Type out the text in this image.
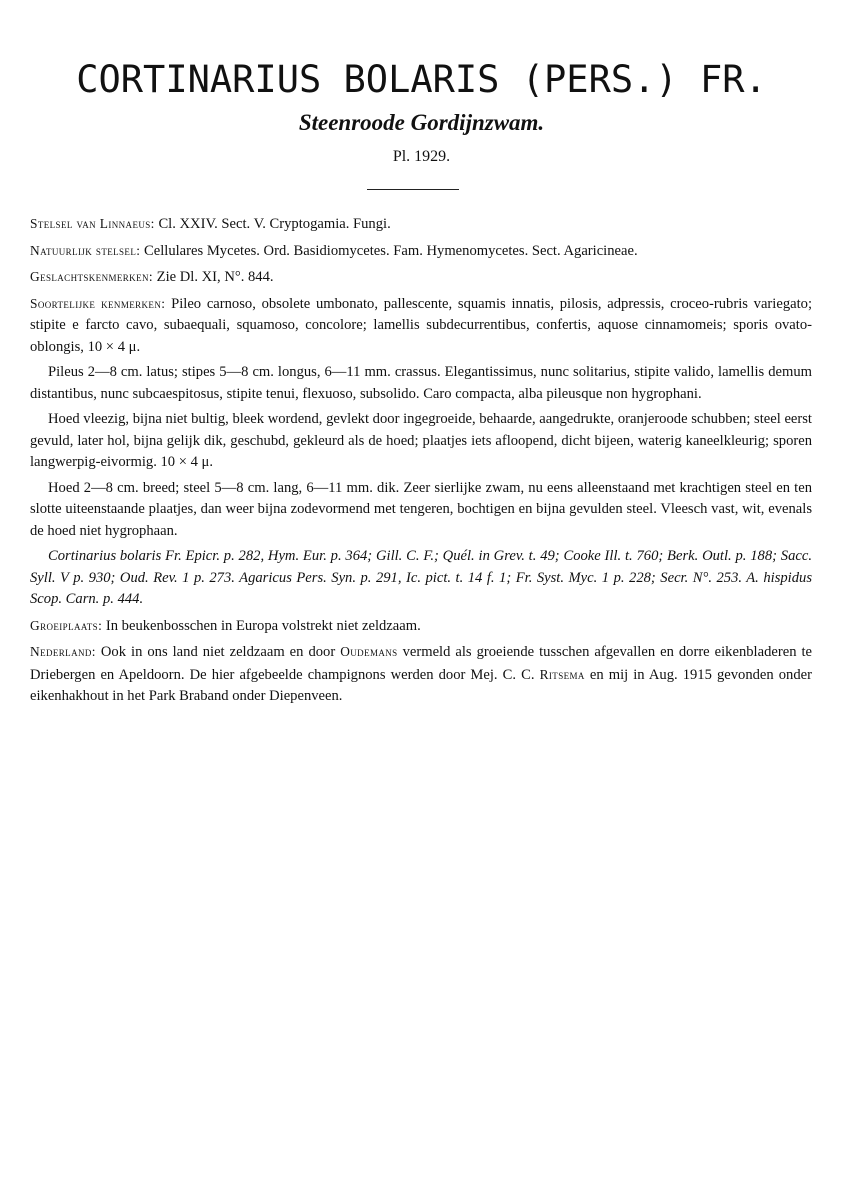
CORTINARIUS BOLARIS (PERS.) FR.
Steenroode Gordijnzwam.
Pl. 1929.

Stelsel van Linnaeus: Cl. XXIV. Sect. V. Cryptogamia. Fungi.

Natuurlijk stelsel: Cellulares Mycetes. Ord. Basidiomycetes. Fam. Hymenomycetes. Sect. Agaricineae.

Geslachtskenmerken: Zie Dl. XI, N°. 844.

Soortelijke kenmerken: Pileo carnoso, obsolete umbonato, pallescente, squamis innatis, pilosis, adpressis, croceo-rubris variegato; stipite e farcto cavo, subaequali, squamoso, concolore; lamellis subdecurrentibus, confertis, aquose cinnamomeis; sporis ovato-oblongis, 10 × 4 μ.

Pileus 2—8 cm. latus; stipes 5—8 cm. longus, 6—11 mm. crassus. Elegantissimus, nunc solitarius, stipite valido, lamellis demum distantibus, nunc subcaespitosus, stipite tenui, flexuoso, subsolido. Caro compacta, alba pileusque non hygrophani.

Hoed vleezig, bijna niet bultig, bleek wordend, gevlekt door ingegroeide, behaarde, aangedrukte, oranjeroode schubben; steel eerst gevuld, later hol, bijna gelijk dik, geschubd, gekleurd als de hoed; plaatjes iets afloopend, dicht bijeen, waterig kaneelkleurig; sporen langwerpig-eivormig. 10 × 4 μ.

Hoed 2—8 cm. breed; steel 5—8 cm. lang, 6—11 mm. dik. Zeer sierlijke zwam, nu eens alleenstaand met krachtigen steel en ten slotte uiteenstaande plaatjes, dan weer bijna zodevormend met tengeren, bochtigen en bijna gevulden steel. Vleesch vast, wit, evenals de hoed niet hygrophaan.

Cortinarius bolaris Fr. Epicr. p. 282, Hym. Eur. p. 364; Gill. C. F.; Quél. in Grev. t. 49; Cooke Ill. t. 760; Berk. Outl. p. 188; Sacc. Syll. V p. 930; Oud. Rev. 1 p. 273. Agaricus Pers. Syn. p. 291, Ic. pict. t. 14 f. 1; Fr. Syst. Myc. 1 p. 228; Secr. N°. 253. A. hispidus Scop. Carn. p. 444.

Groeiplaats: In beukenbosschen in Europa volstrekt niet zeldzaam.

Nederland: Ook in ons land niet zeldzaam en door Oudemans vermeld als groeiende tusschen afgevallen en dorre eikenbladeren te Driebergen en Apeldoorn. De hier afgebeelde champignons werden door Mej. C. C. Ritsema en mij in Aug. 1915 gevonden onder eikenhakhout in het Park Braband onder Diepenveen.
